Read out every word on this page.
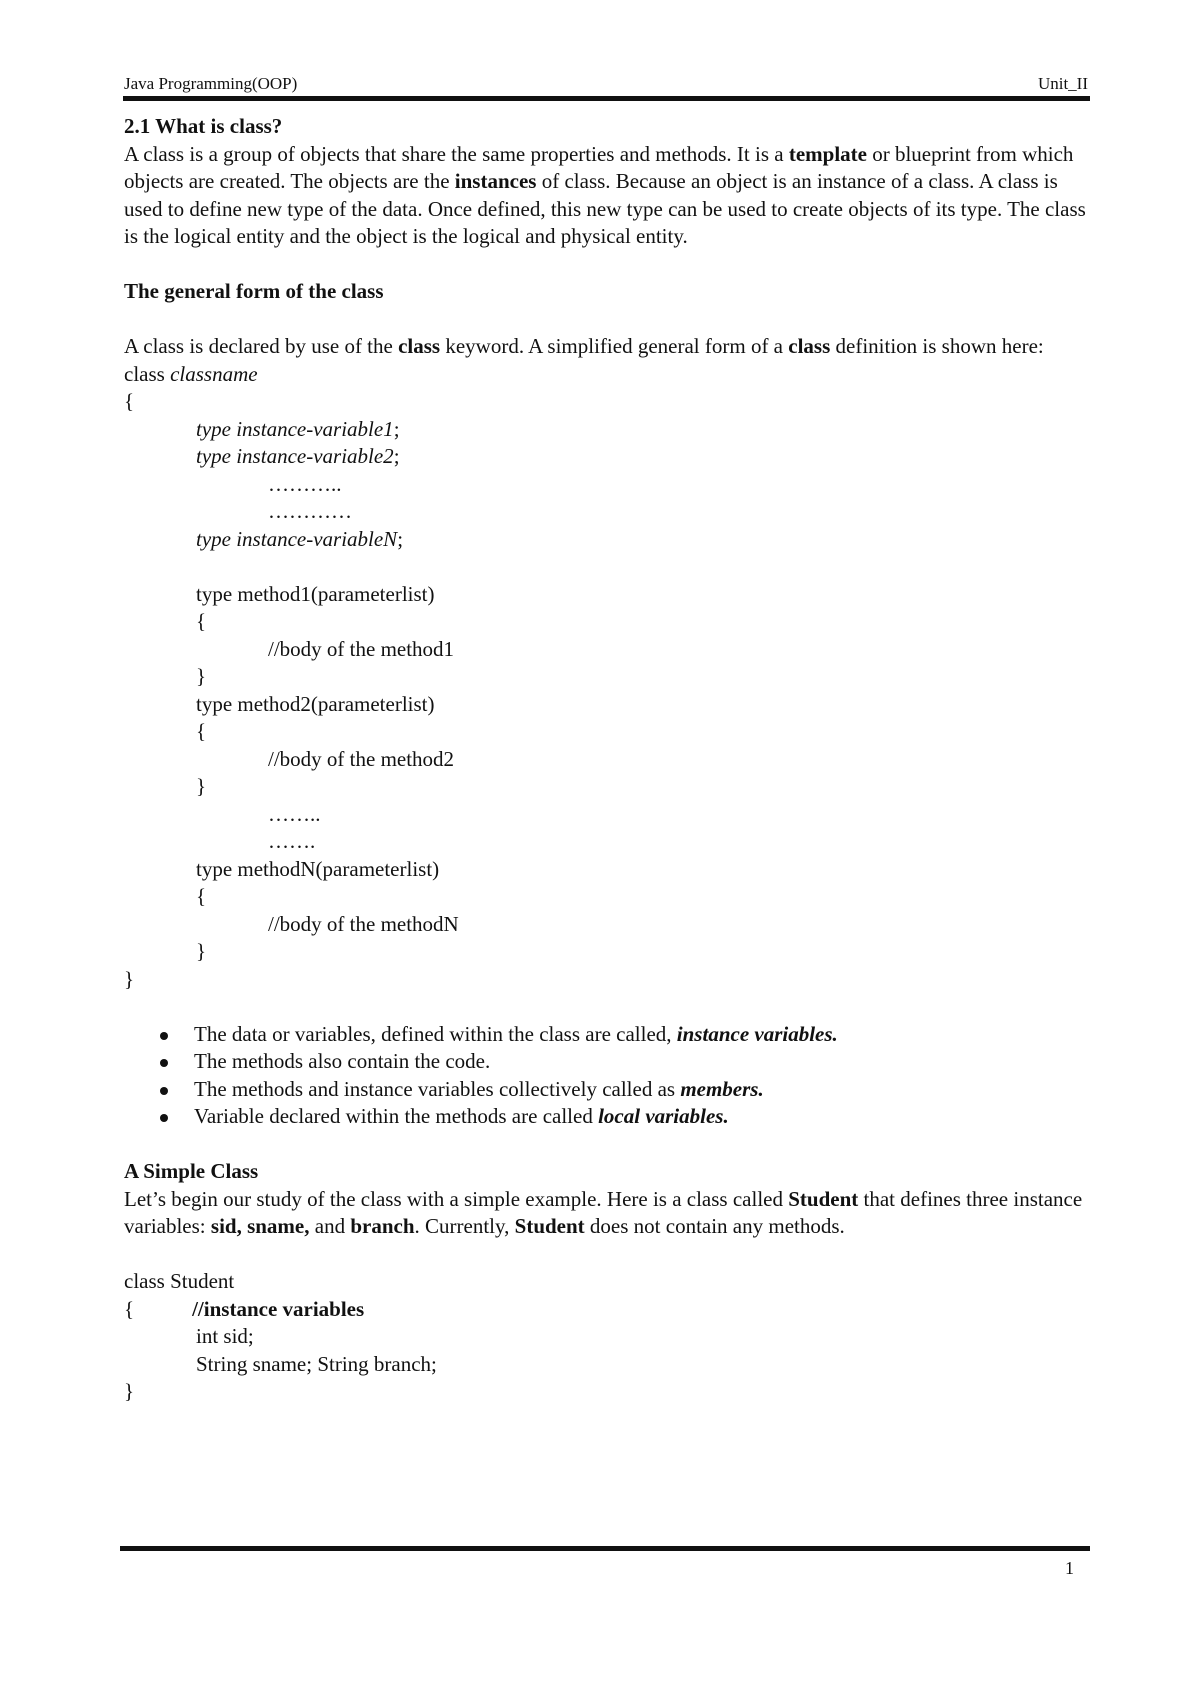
Java Programming(OOP)	Unit_II

2.1 What is class?

A class is a group of objects that share the same properties and methods. It is a template or blueprint from which objects are created. The objects are the instances of class. Because an object is an instance of a class. A class is used to define new type of the data. Once defined, this new type can be used to create objects of its type. The class is the logical entity and the object is the logical and physical entity.

The general form of the class

A class is declared by use of the class keyword. A simplified general form of a class definition is shown here:

class classname
{
type instance-variable1;
type instance-variable2;
………..
…………
type instance-variableN;
type method1(parameterlist)
{
//body of the method1
}
type method2(parameterlist)
{
//body of the method2
}
……..
…….
type methodN(parameterlist)
{
//body of the methodN
}
}
The data or variables, defined within the class are called, instance variables.
The methods also contain the code.
The methods and instance variables collectively called as members.
Variable declared within the methods are called local variables.

A Simple Class

Let’s begin our study of the class with a simple example. Here is a class called Student that defines three instance variables: sid, sname, and branch. Currently, Student does not contain any methods.

class Student
{	//instance variables
int sid;
String sname; String branch;
}
1
